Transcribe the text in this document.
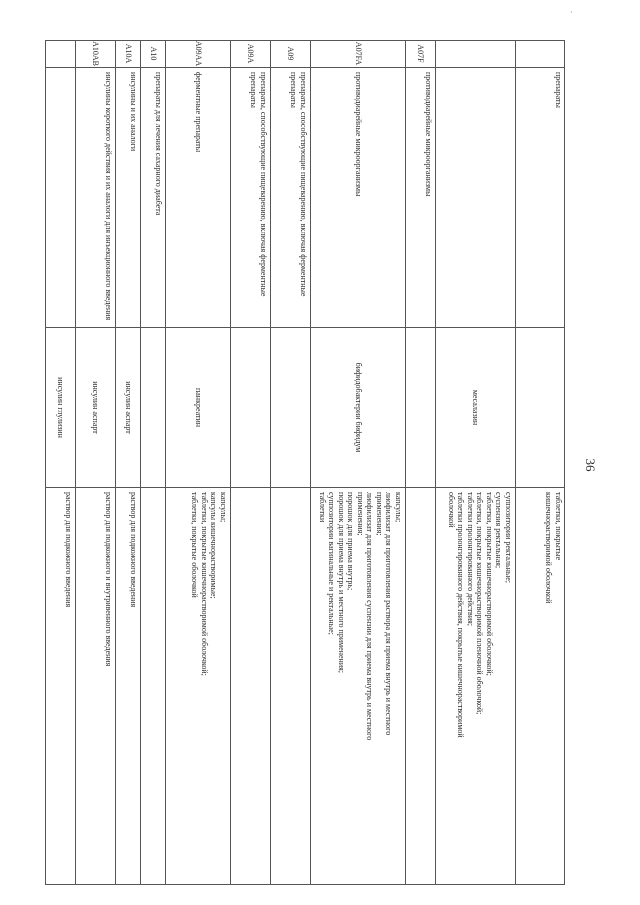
·
препараты
таблетки, покрытые
кишечнорастворимой оболочкой
месалазин
суппозитории ректальные;
суспензия ректальная;
таблетки, покрытые кишечнорастворимой оболочкой;
таблетки, покрытые кишечнорастворимой пленочной оболочкой;
таблетки пролонгированного действия;
таблетки пролонгированного действия, покрытые кишечнорастворимой
оболочкой
A07F
противодиарейные микроорганизмы
A07FA
противодиарейные микроорганизмы
бифидобактерии бифидум
капсулы;
лиофилизат для приготовления раствора для приема внутрь и местного
применения;
лиофилизат для приготовления суспензии для приема внутрь и местного
применения;
порошок для приема внутрь;
порошок для приема внутрь и местного применения;
суппозитории вагинальные и ректальные;
таблетки
A09
препараты, способствующие пищеварению, включая ферментные препараты
A09A
препараты, способствующие пищеварению, включая ферментные препараты
A09AA
ферментные препараты
панкреатин
капсулы;
капсулы кишечнорастворимые;
таблетки, покрытые кишечнорастворимой оболочкой;
таблетки, покрытые оболочкой
A10
препараты для лечения сахарного диабета
A10A
инсулины и их аналоги
инсулин аспарт
раствор для подкожного введения
A10AB
инсулины короткого действия и их аналоги для инъекционного введения
инсулин аспарт
раствор для подкожного и внутривенного введения
инсулин глулизин
раствор для подкожного введения
36
